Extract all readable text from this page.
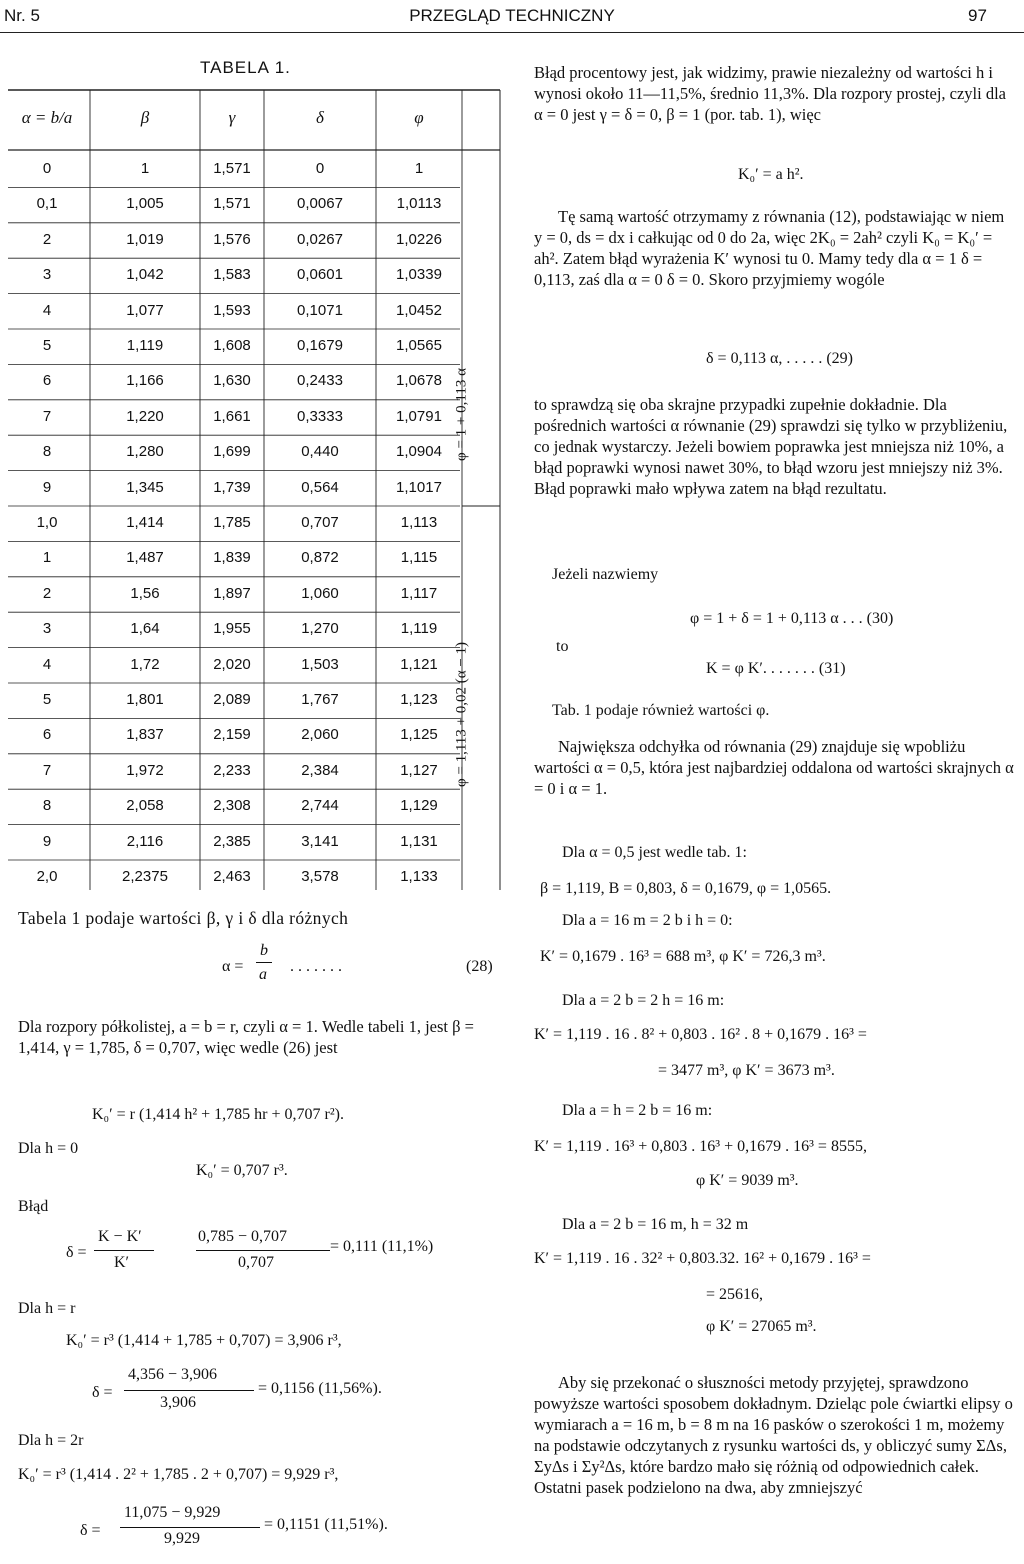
Nr. 5	PRZEGLĄD TECHNICZNY	97
TABELA 1.
α = b/a	β	γ	δ	φ
0	1	1,571	0	1
0,1	1,005	1,571	0,0067	1,0113
2	1,019	1,576	0,0267	1,0226
3	1,042	1,583	0,0601	1,0339
4	1,077	1,593	0,1071	1,0452
5	1,119	1,608	0,1679	1,0565
6	1,166	1,630	0,2433	1,0678
7	1,220	1,661	0,3333	1,0791
8	1,280	1,699	0,440	1,0904
9	1,345	1,739	0,564	1,1017
1,0	1,414	1,785	0,707	1,113
1	1,487	1,839	0,872	1,115
2	1,56	1,897	1,060	1,117
3	1,64	1,955	1,270	1,119
4	1,72	2,020	1,503	1,121
5	1,801	2,089	1,767	1,123
6	1,837	2,159	2,060	1,125
7	1,972	2,233	2,384	1,127
8	2,058	2,308	2,744	1,129
9	2,116	2,385	3,141	1,131
2,0	2,2375	2,463	3,578	1,133
φ = 1 + 0,113 α
φ = 1,113 + 0,02 (α − 1)
Tabela 1 podaje wartości β, γ i δ dla różnych
α =
b
a . . . . . . .	(28)
Dla rozpory półkolistej, a = b = r, czyli α = 1. Wedle tabeli 1, jest β = 1,414, γ = 1,785, δ = 0,707, więc wedle (26) jest
K₀′ = r (1,414 h² + 1,785 hr + 0,707 r²).
Dla h = 0
K₀′ = 0,707 r³.
Błąd
δ =
K − K′
K′
0,785 − 0,707
0,707
= 0,111 (11,1%)
Dla h = r
K₀′ = r³ (1,414 + 1,785 + 0,707) = 3,906 r³,
δ =
4,356 − 3,906
3,906
= 0,1156 (11,56%).
Dla h = 2r
K₀′ = r³ (1,414 . 2² + 1,785 . 2 + 0,707) = 9,929 r³,
δ =
11,075 − 9,929
9,929
= 0,1151 (11,51%).
Błąd procentowy jest, jak widzimy, prawie niezależny od wartości h i wynosi około 11—11,5%, średnio 11,3%. Dla rozpory prostej, czyli dla α = 0 jest γ = δ = 0, β = 1 (por. tab. 1), więc
K₀′ = a h².
Tę samą wartość otrzymamy z równania (12), podstawiając w niem y = 0, ds = dx i całkując od 0 do 2a, więc 2K₀ = 2ah² czyli K₀ = K₀′ = ah². Zatem błąd wyrażenia K′ wynosi tu 0. Mamy tedy dla α = 1 δ = 0,113, zaś dla α = 0 δ = 0. Skoro przyjmiemy wogóle
δ = 0,113 α, . . . . . (29)
to sprawdzą się oba skrajne przypadki zupełnie dokładnie. Dla pośrednich wartości α równanie (29) sprawdzi się tylko w przybliżeniu, co jednak wystarczy. Jeżeli bowiem poprawka jest mniejsza niż 10%, a błąd poprawki wynosi nawet 30%, to błąd wzoru jest mniejszy niż 3%. Błąd poprawki mało wpływa zatem na błąd rezultatu.
Jeżeli nazwiemy
φ = 1 + δ = 1 + 0,113 α . . . (30)
to
K = φ K′. . . . . . . (31)
Tab. 1 podaje również wartości φ.
Największa odchyłka od równania (29) znajduje się wpobliżu wartości α = 0,5, która jest najbardziej oddalona od wartości skrajnych α = 0 i α = 1.
Dla α = 0,5 jest wedle tab. 1:
β = 1,119, B = 0,803, δ = 0,1679, φ = 1,0565.
Dla a = 16 m = 2 b i h = 0:
K′ = 0,1679 . 16³ = 688 m³, φ K′ = 726,3 m³.
Dla a = 2 b = 2 h = 16 m:
K′ = 1,119 . 16 . 8² + 0,803 . 16² . 8 + 0,1679 . 16³ =
= 3477 m³, φ K′ = 3673 m³.
Dla a = h = 2 b = 16 m:
K′ = 1,119 . 16³ + 0,803 . 16³ + 0,1679 . 16³ = 8555,
φ K′ = 9039 m³.
Dla a = 2 b = 16 m, h = 32 m
K′ = 1,119 . 16 . 32² + 0,803.32. 16² + 0,1679 . 16³ =
= 25616,
φ K′ = 27065 m³.
Aby się przekonać o słuszności metody przyjętej, sprawdzono powyższe wartości sposobem dokładnym. Dzieląc pole ćwiartki elipsy o wymiarach a = 16 m, b = 8 m na 16 pasków o szerokości 1 m, możemy na podstawie odczytanych z rysunku wartości ds, y obliczyć sumy ΣΔs, ΣyΔs i Σy²Δs, które bardzo mało się różnią od odpowiednich całek. Ostatni pasek podzielono na dwa, aby zmniejszyć
